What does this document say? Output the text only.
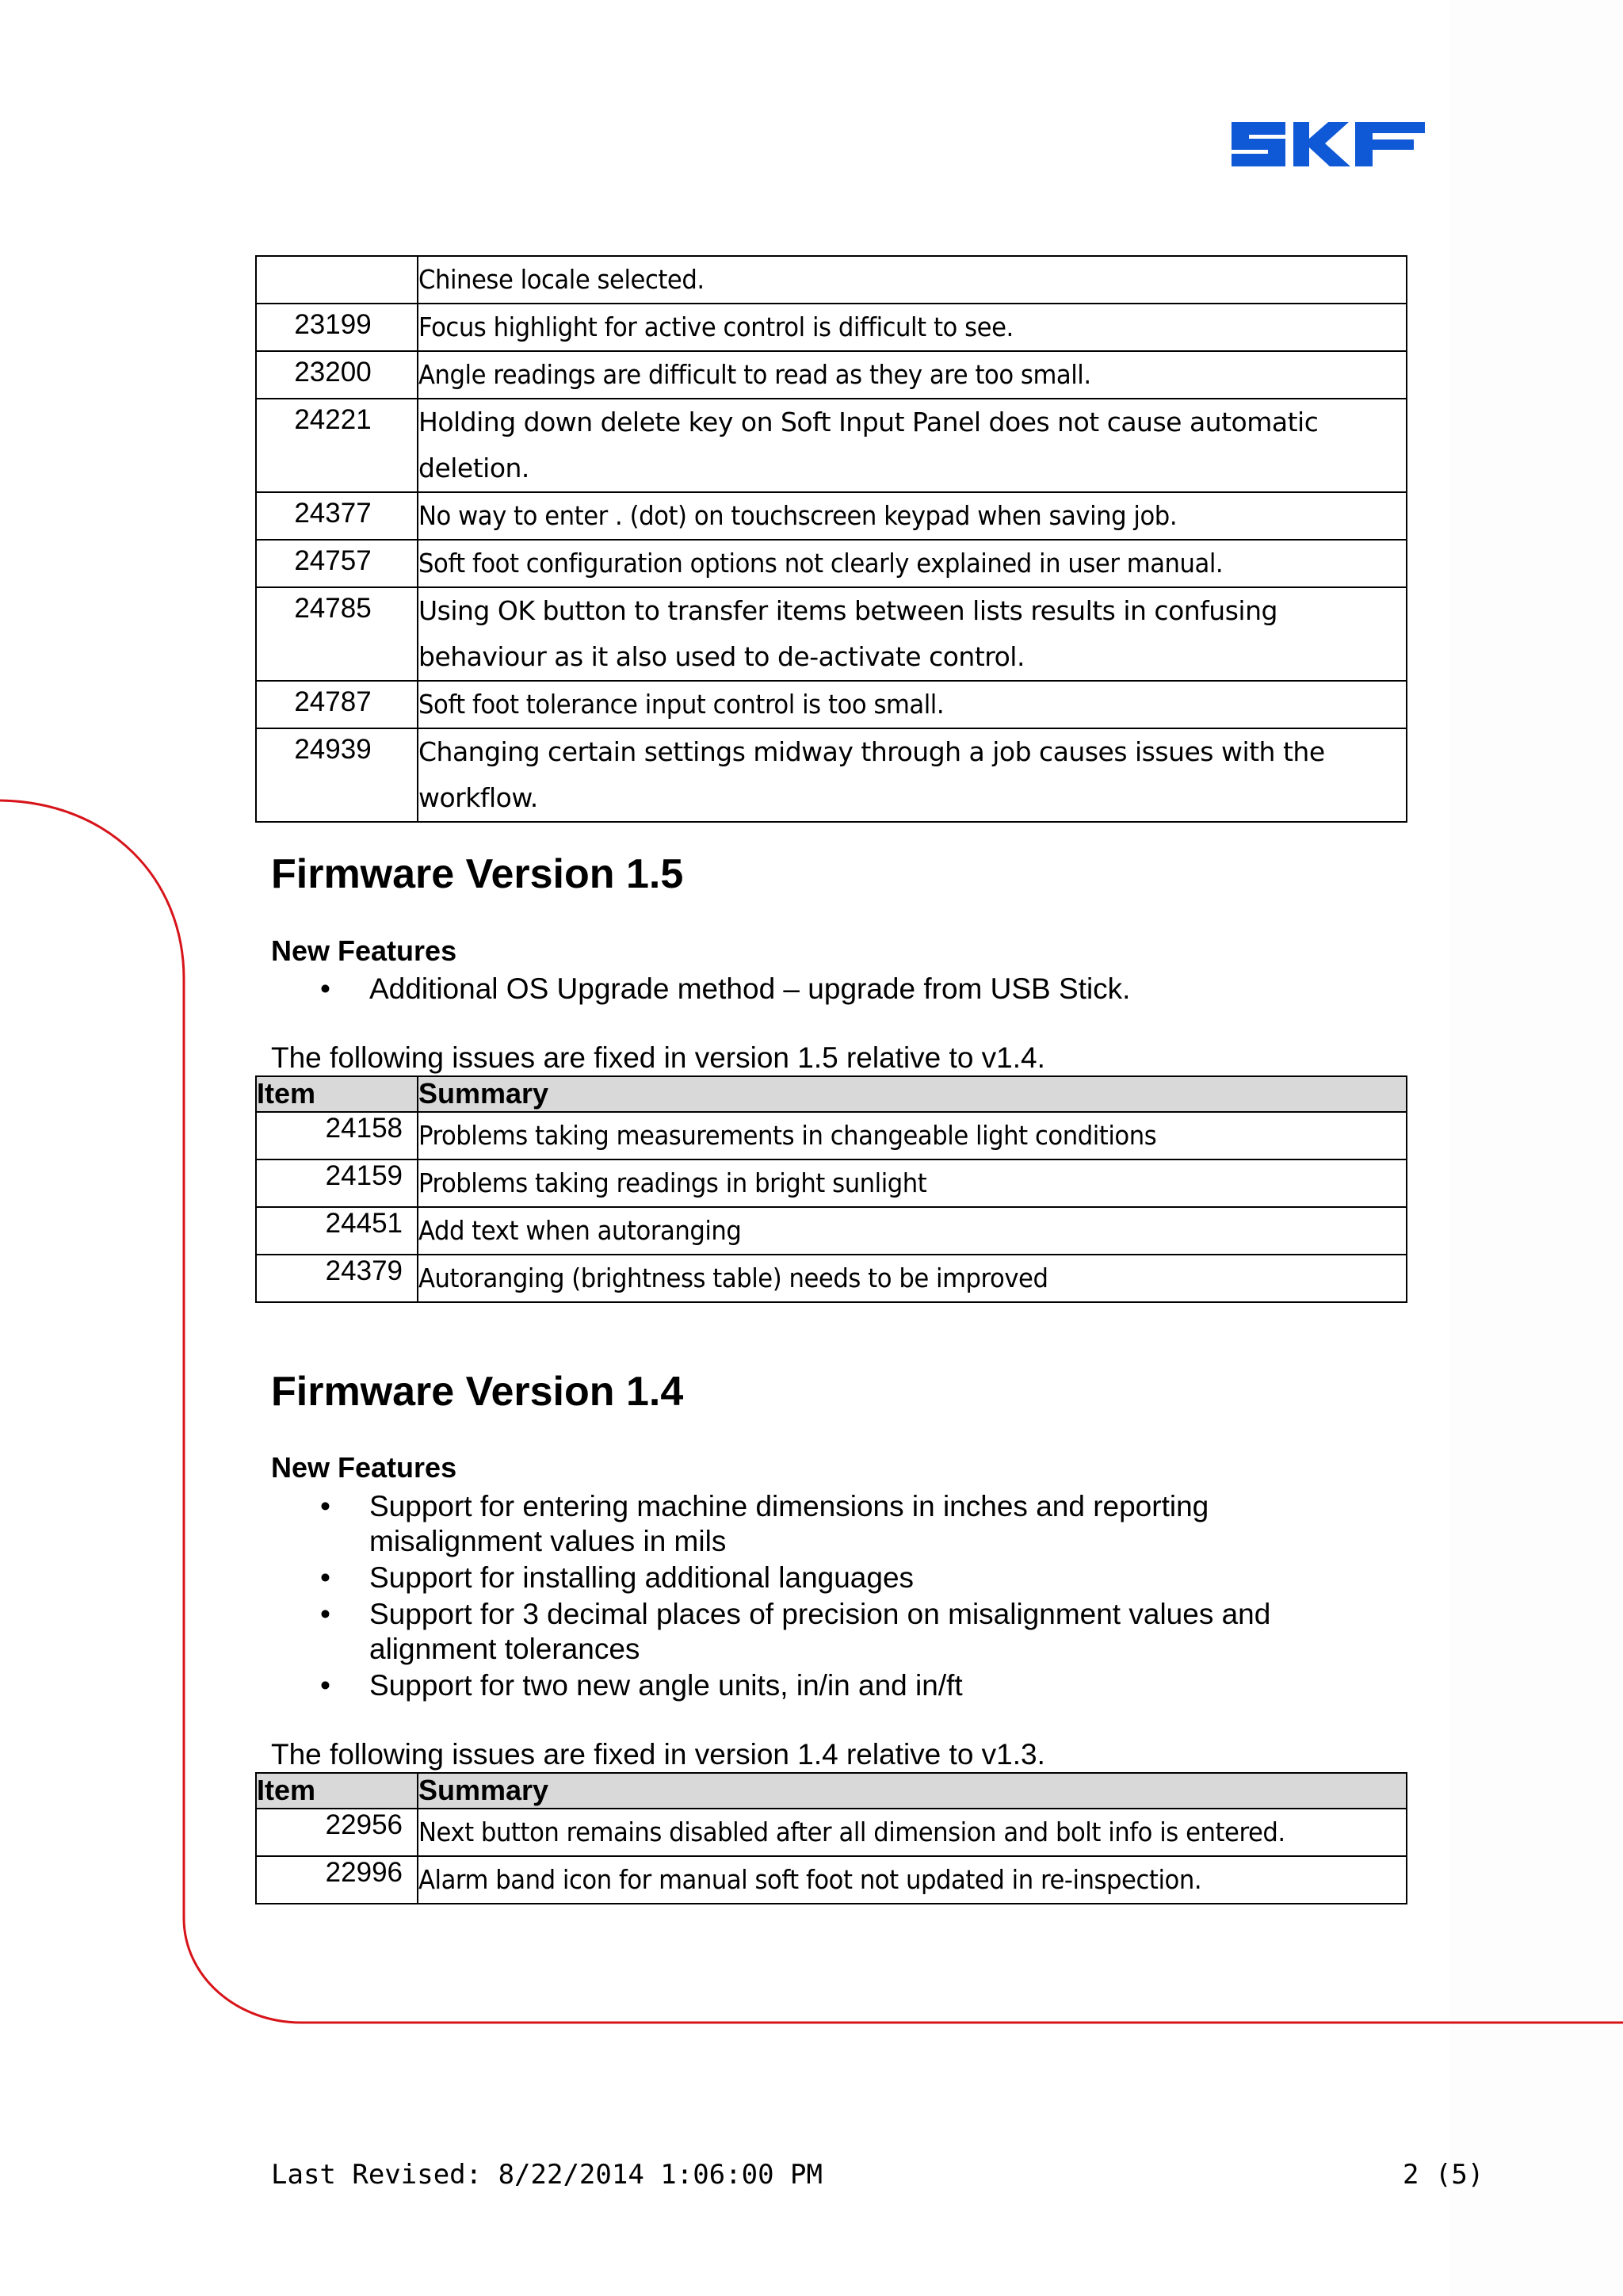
	Chinese locale selected.
23199	Focus highlight for active control is difficult to see.
23200	Angle readings are difficult to read as they are too small.
24221	Holding down delete key on Soft Input Panel does not cause automatic deletion.
24377	No way to enter . (dot) on touchscreen keypad when saving job.
24757	Soft foot configuration options not clearly explained in user manual.
24785	Using OK button to transfer items between lists results in confusing behaviour as it also used to de-activate control.
24787	Soft foot tolerance input control is too small.
24939	Changing certain settings midway through a job causes issues with the workflow.
Firmware Version 1.5
New Features
• Additional OS Upgrade method – upgrade from USB Stick.
The following issues are fixed in version 1.5 relative to v1.4.
Item	Summary
24158	Problems taking measurements in changeable light conditions
24159	Problems taking readings in bright sunlight
24451	Add text when autoranging
24379	Autoranging (brightness table) needs to be improved
Firmware Version 1.4
New Features
• Support for entering machine dimensions in inches and reporting misalignment values in mils
• Support for installing additional languages
• Support for 3 decimal places of precision on misalignment values and alignment tolerances
• Support for two new angle units, in/in and in/ft
The following issues are fixed in version 1.4 relative to v1.3.
Item	Summary
22956	Next button remains disabled after all dimension and bolt info is entered.
22996	Alarm band icon for manual soft foot not updated in re-inspection.
Last Revised: 8/22/2014 1:06:00 PM	2 (5)
